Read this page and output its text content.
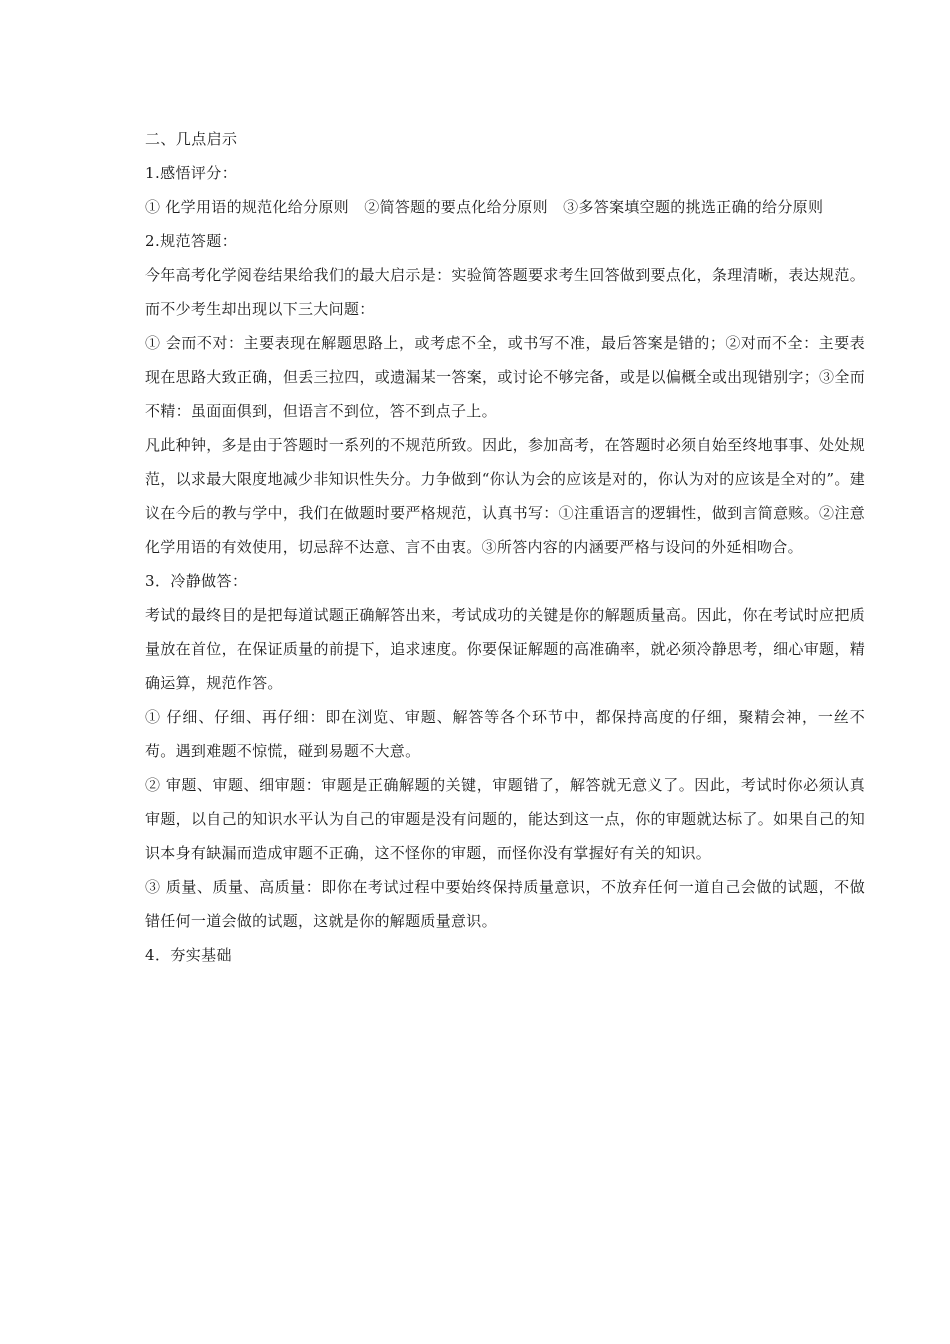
二、几点启示

1.感悟评分：

① 化学用语的规范化给分原则　②简答题的要点化给分原则　③多答案填空题的挑选正确的给分原则

2.规范答题：

今年高考化学阅卷结果给我们的最大启示是：实验简答题要求考生回答做到要点化，条理清晰，表达规范。而不少考生却出现以下三大问题：

① 会而不对：主要表现在解题思路上，或考虑不全，或书写不准，最后答案是错的；②对而不全：主要表现在思路大致正确，但丢三拉四，或遗漏某一答案，或讨论不够完备，或是以偏概全或出现错别字；③全而不精：虽面面俱到，但语言不到位，答不到点子上。

凡此种钟，多是由于答题时一系列的不规范所致。因此，参加高考，在答题时必须自始至终地事事、处处规范，以求最大限度地减少非知识性失分。力争做到“你认为会的应该是对的，你认为对的应该是全对的”。建议在今后的教与学中，我们在做题时要严格规范，认真书写：①注重语言的逻辑性，做到言简意赅。②注意化学用语的有效使用，切忌辞不达意、言不由衷。③所答内容的内涵要严格与设问的外延相吻合。

3．冷静做答：

考试的最终目的是把每道试题正确解答出来，考试成功的关键是你的解题质量高。因此，你在考试时应把质量放在首位，在保证质量的前提下，追求速度。你要保证解题的高准确率，就必须冷静思考，细心审题，精确运算，规范作答。

① 仔细、仔细、再仔细：即在浏览、审题、解答等各个环节中，都保持高度的仔细，聚精会神，一丝不苟。遇到难题不惊慌，碰到易题不大意。

② 审题、审题、细审题：审题是正确解题的关键，审题错了，解答就无意义了。因此，考试时你必须认真审题，以自己的知识水平认为自己的审题是没有问题的，能达到这一点，你的审题就达标了。如果自己的知识本身有缺漏而造成审题不正确，这不怪你的审题，而怪你没有掌握好有关的知识。

③ 质量、质量、高质量：即你在考试过程中要始终保持质量意识，不放弃任何一道自己会做的试题，不做错任何一道会做的试题，这就是你的解题质量意识。

4．夯实基础
